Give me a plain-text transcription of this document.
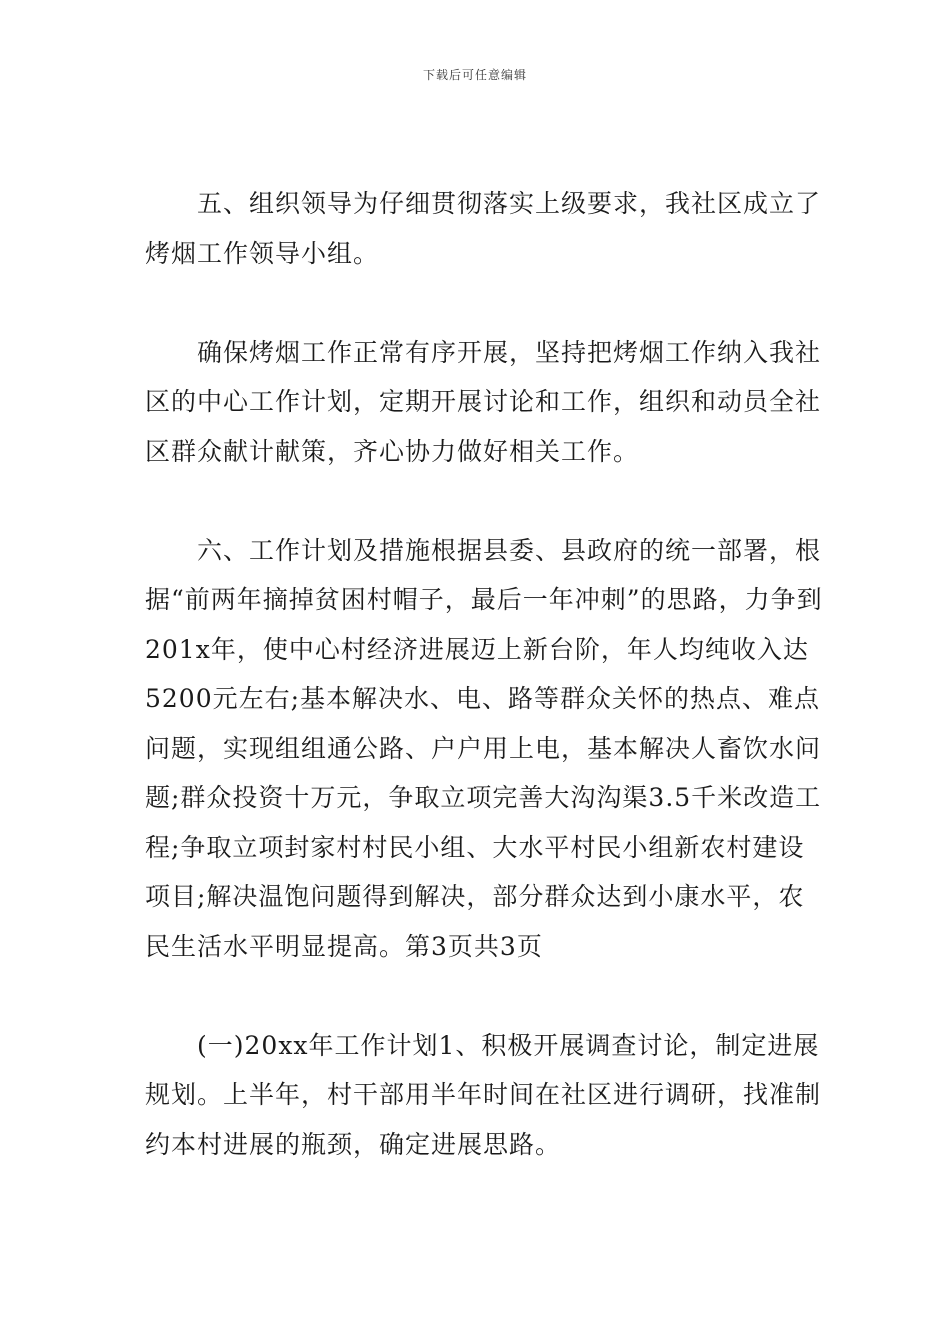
下载后可任意编辑

五、组织领导为仔细贯彻落实上级要求，我社区成立了烤烟工作领导小组。

确保烤烟工作正常有序开展，坚持把烤烟工作纳入我社区的中心工作计划，定期开展讨论和工作，组织和动员全社区群众献计献策，齐心协力做好相关工作。

六、工作计划及措施根据县委、县政府的统一部署，根据“前两年摘掉贫困村帽子，最后一年冲刺”的思路，力争到201x年，使中心村经济进展迈上新台阶，年人均纯收入达5200元左右;基本解决水、电、路等群众关怀的热点、难点问题，实现组组通公路、户户用上电，基本解决人畜饮水问题;群众投资十万元，争取立项完善大沟沟渠3.5千米改造工程;争取立项封家村村民小组、大水平村民小组新农村建设项目;解决温饱问题得到解决，部分群众达到小康水平，农民生活水平明显提高。第3页共3页

(一)20xx年工作计划1、积极开展调查讨论，制定进展规划。上半年，村干部用半年时间在社区进行调研，找准制约本村进展的瓶颈，确定进展思路。
